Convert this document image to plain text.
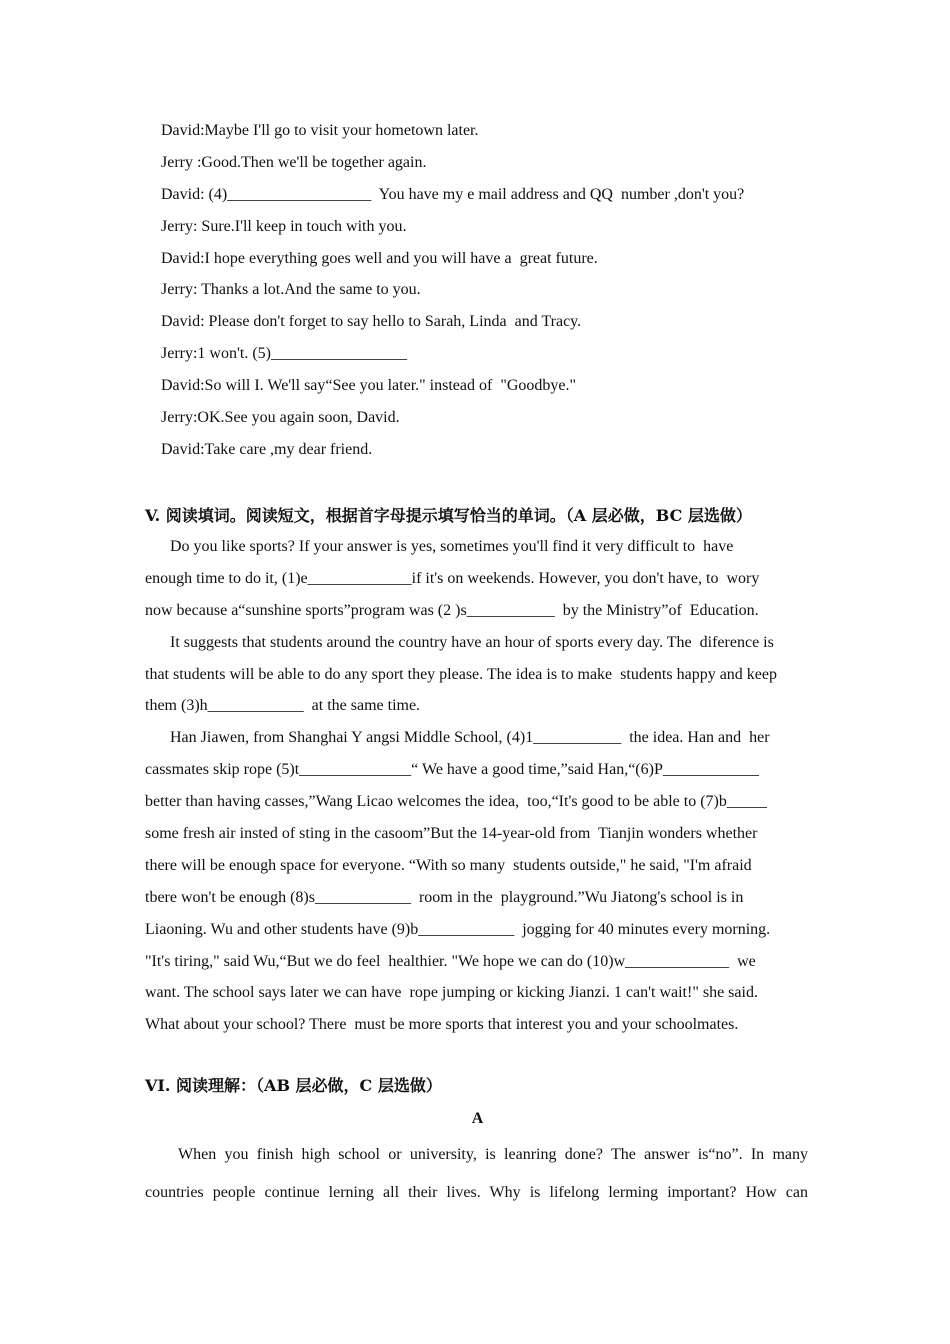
David:Maybe I'll go to visit your hometown later.
Jerry :Good.Then we'll be together again.
David: (4)__________________  You have my e mail address and QQ  number ,don't you?
Jerry: Sure.I'll keep in touch with you.
David:I hope everything goes well and you will have a  great future.
Jerry: Thanks a lot.And the same to you.
David: Please don't forget to say hello to Sarah, Linda  and Tracy.
Jerry:1 won't. (5)_________________
David:So will I. We'll say“See you later." instead of  "Goodbye."
Jerry:OK.See you again soon, David.
David:Take care ,my dear friend.
V. 阅读填词。阅读短文，根据首字母提示填写恰当的单词。（A 层必做，BC 层选做）
Do you like sports? If your answer is yes, sometimes you'll find it very difficult to  have
enough time to do it, (1)e_____________if it's on weekends. However, you don't have, to  wory
now because a“sunshine sports”program was (2 )s___________  by the Ministry”of  Education.
It suggests that students around the country have an hour of sports every day. The  diference is
that students will be able to do any sport they please. The idea is to make  students happy and keep
them (3)h____________  at the same time.
Han Jiawen, from Shanghai Y angsi Middle School, (4)1___________  the idea. Han and  her
cassmates skip rope (5)t______________“ We have a good time,”said Han,“(6)P____________
better than having casses,”Wang Licao welcomes the idea,  too,“It's good to be able to (7)b_____
some fresh air insted of sting in the casoom”But the 14-year-old from  Tianjin wonders whether
there will be enough space for everyone. “With so many  students outside," he said, "I'm afraid
tbere won't be enough (8)s____________  room in the  playground.”Wu Jiatong's school is in
Liaoning. Wu and other students have (9)b____________  jogging for 40 minutes every morning.
"It's tiring," said Wu,“But we do feel  healthier. "We hope we can do (10)w_____________  we
want. The school says later we can have  rope jumping or kicking Jianzi. 1 can't wait!" she said.
What about your school? There  must be more sports that interest you and your schoolmates.
VI. 阅读理解：（AB 层必做，C 层选做）
A
When you finish high school or university, is leanring done? The answer is“no”. In many
countries people continue lerning all their lives. Why is lifelong lerming important? How can
